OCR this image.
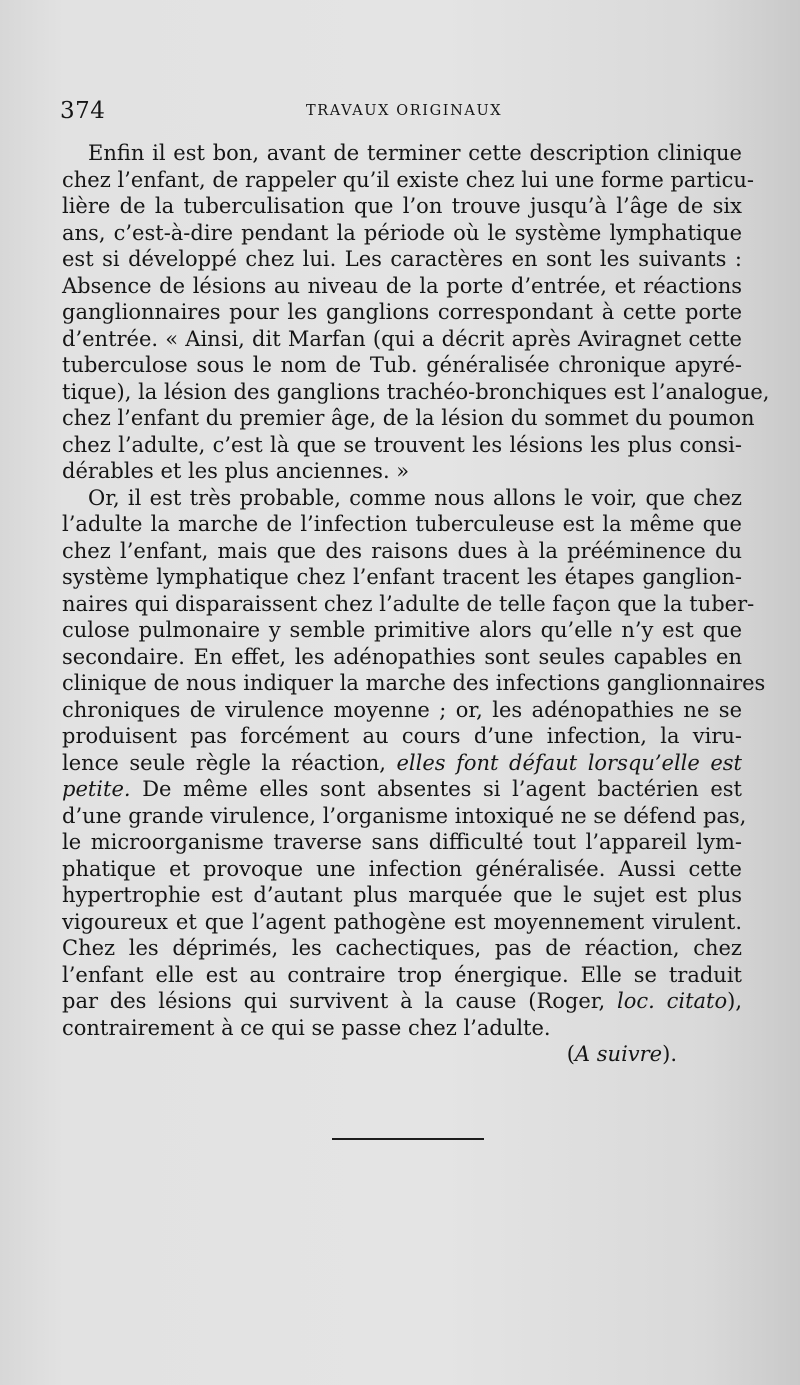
374	TRAVAUX ORIGINAUX
Enfin il est bon, avant de terminer cette description clinique
chez l’enfant, de rappeler qu’il existe chez lui une forme particu-
lière de la tuberculisation que l’on trouve jusqu’à l’âge de six
ans, c’est-à-dire pendant la période où le système lymphatique
est si développé chez lui. Les caractères en sont les suivants :
Absence de lésions au niveau de la porte d’entrée, et réactions
ganglionnaires pour les ganglions correspondant à cette porte
d’entrée. « Ainsi, dit Marfan (qui a décrit après Aviragnet cette
tuberculose sous le nom de Tub. généralisée chronique apyré-
tique), la lésion des ganglions trachéo-bronchiques est l’analogue,
chez l’enfant du premier âge, de la lésion du sommet du poumon
chez l’adulte, c’est là que se trouvent les lésions les plus consi-
dérables et les plus anciennes. »
Or, il est très probable, comme nous allons le voir, que chez
l’adulte la marche de l’infection tuberculeuse est la même que
chez l’enfant, mais que des raisons dues à la prééminence du
système lymphatique chez l’enfant tracent les étapes ganglion-
naires qui disparaissent chez l’adulte de telle façon que la tuber-
culose pulmonaire y semble primitive alors qu’elle n’y est que
secondaire. En effet, les adénopathies sont seules capables en
clinique de nous indiquer la marche des infections ganglionnaires
chroniques de virulence moyenne ; or, les adénopathies ne se
produisent pas forcément au cours d’une infection, la viru-
lence seule règle la réaction, elles font défaut lorsqu’elle est
petite. De même elles sont absentes si l’agent bactérien est
d’une grande virulence, l’organisme intoxiqué ne se défend pas,
le microorganisme traverse sans difficulté tout l’appareil lym-
phatique et provoque une infection généralisée. Aussi cette
hypertrophie est d’autant plus marquée que le sujet est plus
vigoureux et que l’agent pathogène est moyennement virulent.
Chez les déprimés, les cachectiques, pas de réaction, chez
l’enfant elle est au contraire trop énergique. Elle se traduit
par des lésions qui survivent à la cause (Roger, loc. citato),
contrairement à ce qui se passe chez l’adulte.
(A suivre).
